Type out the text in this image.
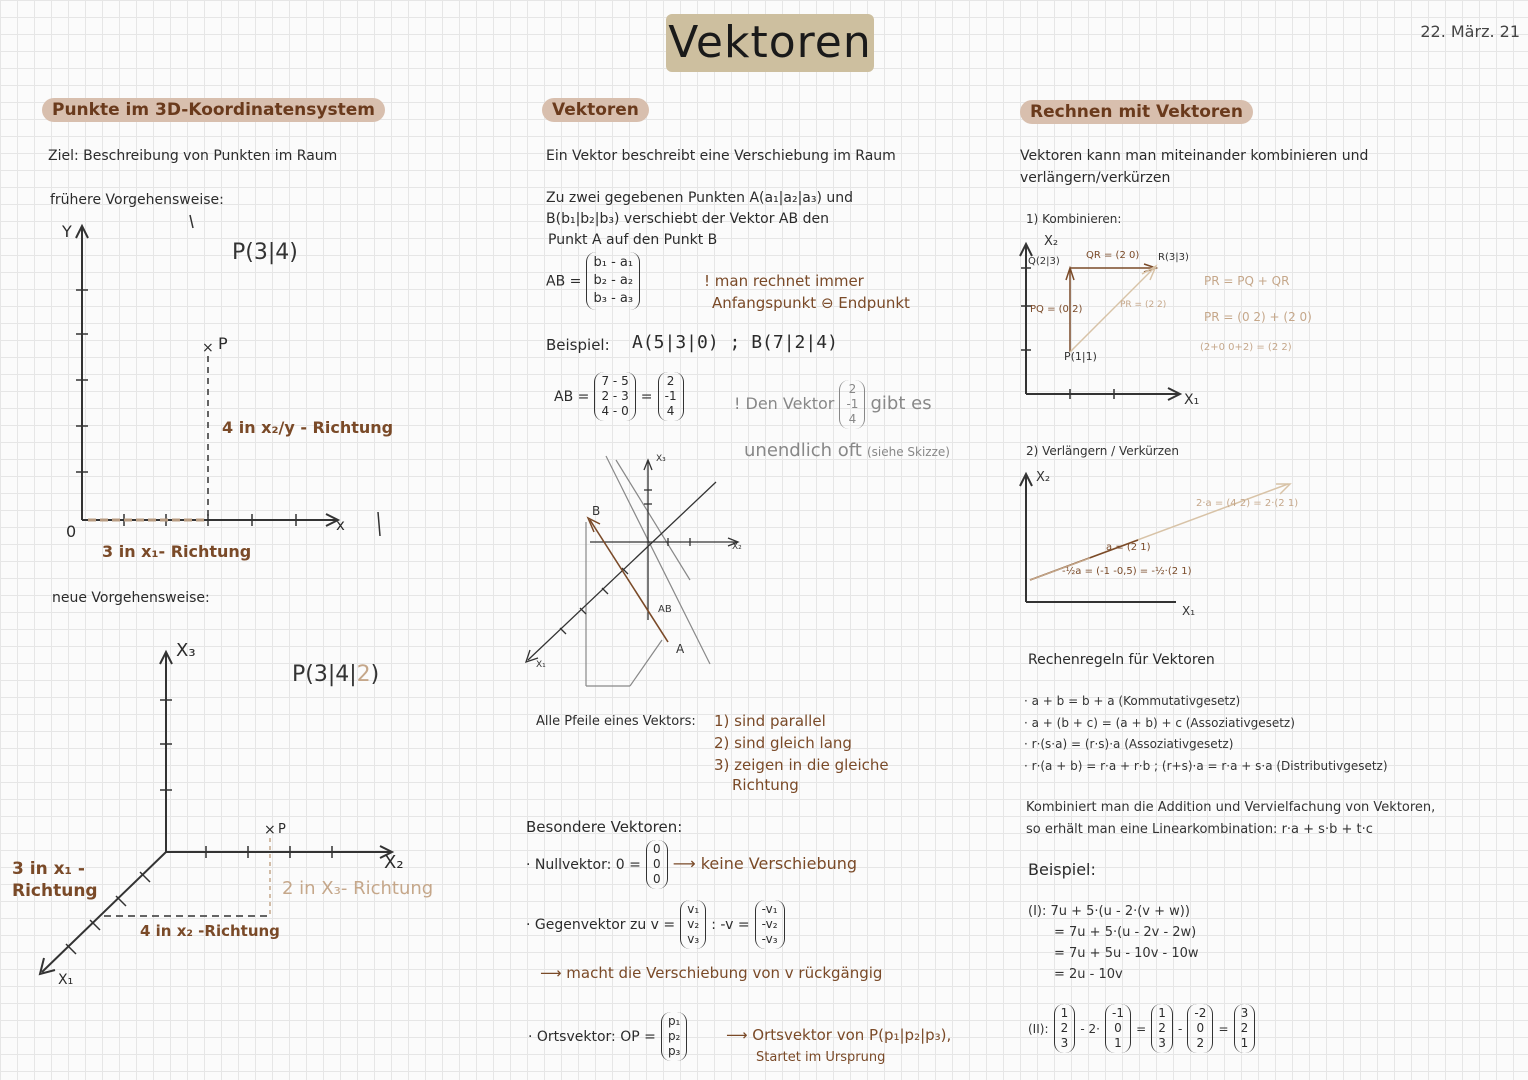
Vektoren	22. März. 21
Punkte im 3D-Koordinatensystem
Ziel: Beschreibung von Punkten im Raum
frühere Vorgehensweise:
P(3|4)
Y
x
0
× P
4 in x₂/y - Richtung
3 in x₁- Richtung
neue Vorgehensweise:
X₃
P(3|4|2)
× P
X₂
X₁
3 in x₁ -
Richtung
4 in x₂ -Richtung
2 in X₃- Richtung
Vektoren
Ein Vektor beschreibt eine Verschiebung im Raum
Zu zwei gegebenen Punkten A(a₁|a₂|a₃) und
B(b₁|b₂|b₃) verschiebt der Vektor AB den
Punkt A auf den Punkt B
AB =
b₁ - a₁
b₂ - a₂
b₃ - a₃
! man rechnet immer
Anfangspunkt ⊖ Endpunkt
Beispiel: A(5|3|0) ; B(7|2|4)
AB =
7 - 5
2 - 3
4 - 0
=
2
-1
4	! Den Vektor
2
-1
4
gibt es
unendlich oft (siehe Skizze)
B
A
AB
X₃
X₂
X₁
Alle Pfeile eines Vektors: 1) sind parallel
2) sind gleich lang
3) zeigen in die gleiche
Richtung
Besondere Vektoren:
· Nullvektor: 0 =
0
0
0
⟶ keine Verschiebung
· Gegenvektor zu v =
v₁
v₂
v₃
: -v =
-v₁
-v₂
-v₃
⟶ macht die Verschiebung von v rückgängig
· Ortsvektor: OP =
p₁
p₂
p₃
⟶ Ortsvektor von P(p₁|p₂|p₃),
Startet im Ursprung
Rechnen mit Vektoren
Vektoren kann man miteinander kombinieren und
verlängern/verkürzen
1) Kombinieren:
X₂
Q(2|3)
QR = (2 0) R(3|3)
PQ = (0 2)	PR = (2 2)
P(1|1)
X₁
PR = PQ + QR
PR = (0 2) + (2 0)
(2+0 0+2) = (2 2)
2) Verlängern / Verkürzen
X₂
X₁
2·a = (4 2) = 2·(2 1)
a = (2 1)
-½a = (-1 -0,5) = -½·(2 1)
Rechenregeln für Vektoren
· a + b = b + a (Kommutativgesetz)
· a + (b + c) = (a + b) + c (Assoziativgesetz)
· r·(s·a) = (r·s)·a (Assoziativgesetz)
· r·(a + b) = r·a + r·b ; (r+s)·a = r·a + s·a (Distributivgesetz)
Kombiniert man die Addition und Vervielfachung von Vektoren,
so erhält man eine Linearkombination: r·a + s·b + t·c
Beispiel:
(I): 7u + 5·(u - 2·(v + w))
= 7u + 5·(u - 2v - 2w)
= 7u + 5u - 10v - 10w
= 2u - 10v
(II):
1
2
3
- 2·
-1
0
1
=
1
2
3
-
-2
0
2
=
3
2
1
